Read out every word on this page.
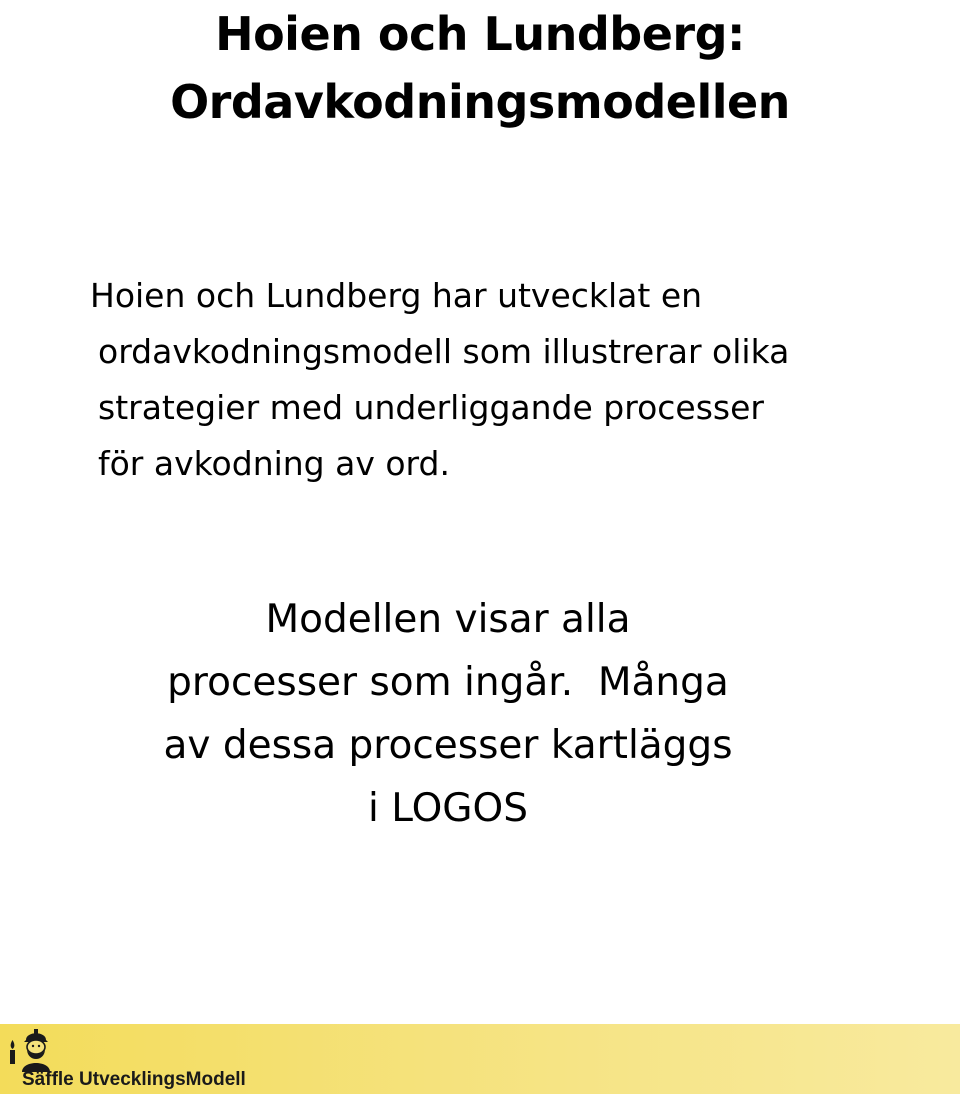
Hoien och Lundberg:
Ordavkodningsmodellen

Hoien och Lundberg har utvecklat en
ordavkodningsmodell som illustrerar olika
strategier med underliggande processer
för avkodning av ord.

Modellen visar alla
processer som ingår.  Många
av dessa processer kartläggs
i LOGOS

Säffle UtvecklingsModell
